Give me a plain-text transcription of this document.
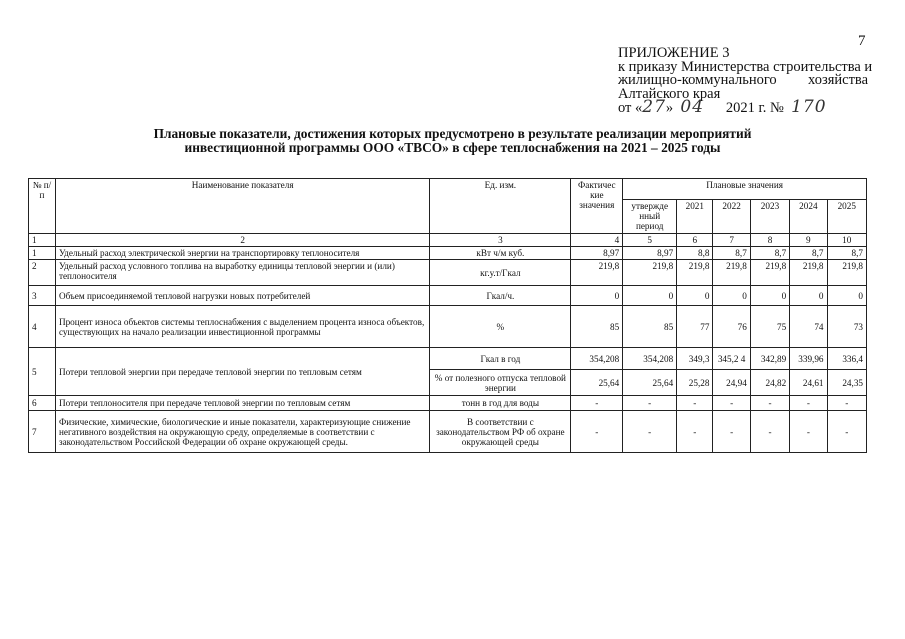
7
ПРИЛОЖЕНИЕ 3
к приказу Министерства строительства и
жилищно-коммунального хозяйства
Алтайского края
от «27» 04 2021 г. № 170
Плановые показатели, достижения которых предусмотрено в результате реализации мероприятий
инвестиционной программы ООО «ТВСО» в сфере теплоснабжения на 2021 – 2025 годы
№ п/п	Наименование показателя	Ед. изм.	Фактичес кие значения	Плановые значения					
				утвержде нный период	2021	2022	2023	2024	2025
1	2	3	4	5	6	7	8	9	10
1	Удельный расход электрической энергии на транспортировку теплоносителя	кВт ч/м куб.	8,97	8,97	8,8	8,7	8,7	8,7	8,7
2	Удельный расход условного топлива на выработку единицы тепловой энергии и (или) теплоносителя	кг.у.т/Гкал	219,8	219,8	219,8	219,8	219,8	219,8	219,8
3	Объем присоединяемой тепловой нагрузки новых потребителей	Гкал/ч.	0	0	0	0	0	0	0
4	Процент износа объектов системы теплоснабжения с выделением процента износа объектов, существующих на начало реализации инвестиционной программы	%	85	85	77	76	75	74	73
5	Потери тепловой энергии при передаче тепловой энергии по тепловым сетям	Гкал в год	354,208	354,208	349,3	345,2 4	342,89	339,96	336,4
		% от полезного отпуска тепловой энергии	25,64	25,64	25,28	24,94	24,82	24,61	24,35
6	Потери теплоносителя при передаче тепловой энергии по тепловым сетям	тонн в год для воды	-	-	-	-	-	-	-
7	Физические, химические, биологические и иные показатели, характеризующие снижение негативного воздействия на окружающую среду, определяемые в соответствии с законодательством Российской Федерации об охране окружающей среды.	В соответствии с законодательством РФ об охране окружающей среды	-	-	-	-	-	-	-
